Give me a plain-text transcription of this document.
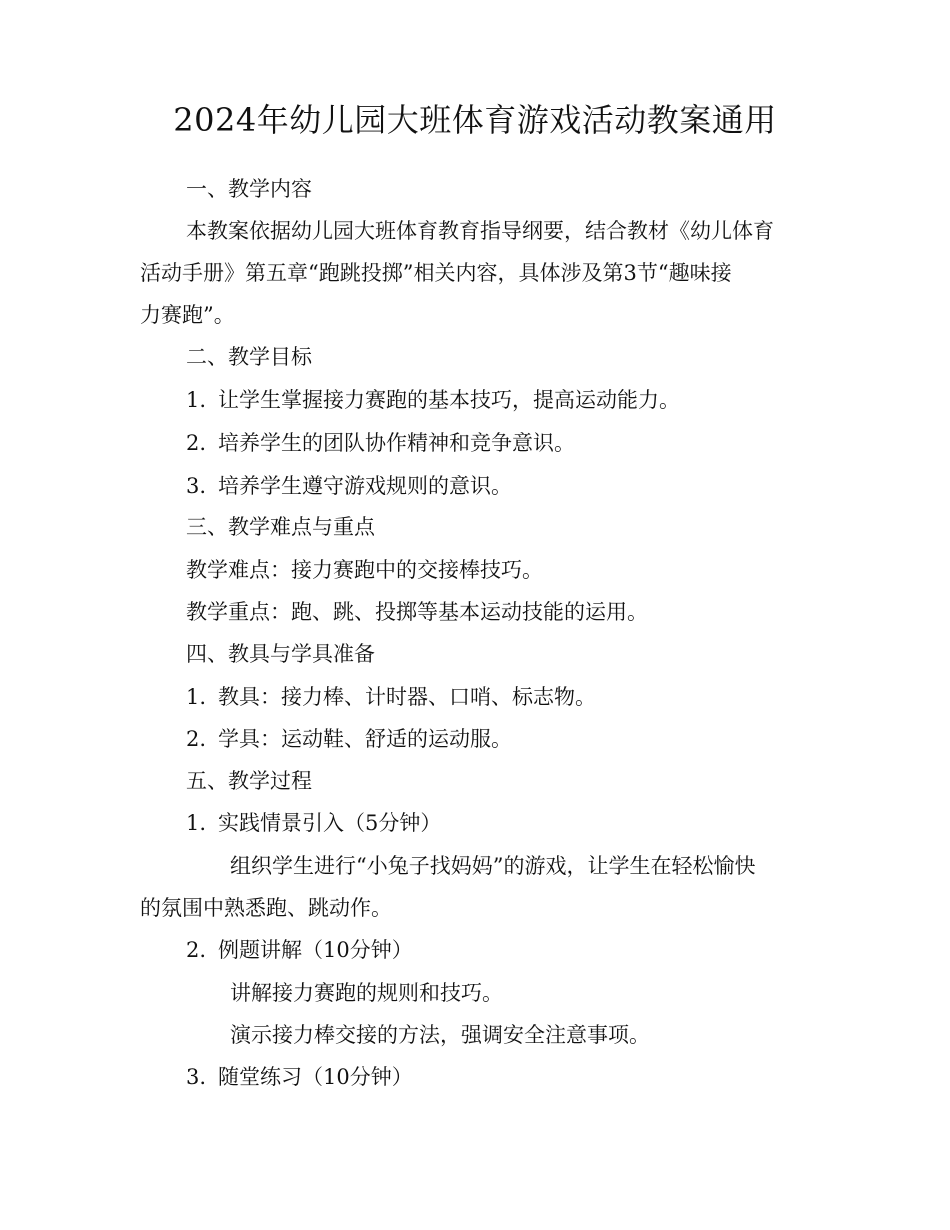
2024年幼儿园大班体育游戏活动教案通用
一、教学内容
本教案依据幼儿园大班体育教育指导纲要，结合教材《幼儿体育
活动手册》第五章“跑跳投掷”相关内容，具体涉及第3节“趣味接
力赛跑”。
二、教学目标
1. 让学生掌握接力赛跑的基本技巧，提高运动能力。
2. 培养学生的团队协作精神和竞争意识。
3. 培养学生遵守游戏规则的意识。
三、教学难点与重点
教学难点：接力赛跑中的交接棒技巧。
教学重点：跑、跳、投掷等基本运动技能的运用。
四、教具与学具准备
1. 教具：接力棒、计时器、口哨、标志物。
2. 学具：运动鞋、舒适的运动服。
五、教学过程
1. 实践情景引入（5分钟）
组织学生进行“小兔子找妈妈”的游戏，让学生在轻松愉快
的氛围中熟悉跑、跳动作。
2. 例题讲解（10分钟）
讲解接力赛跑的规则和技巧。
演示接力棒交接的方法，强调安全注意事项。
3. 随堂练习（10分钟）
